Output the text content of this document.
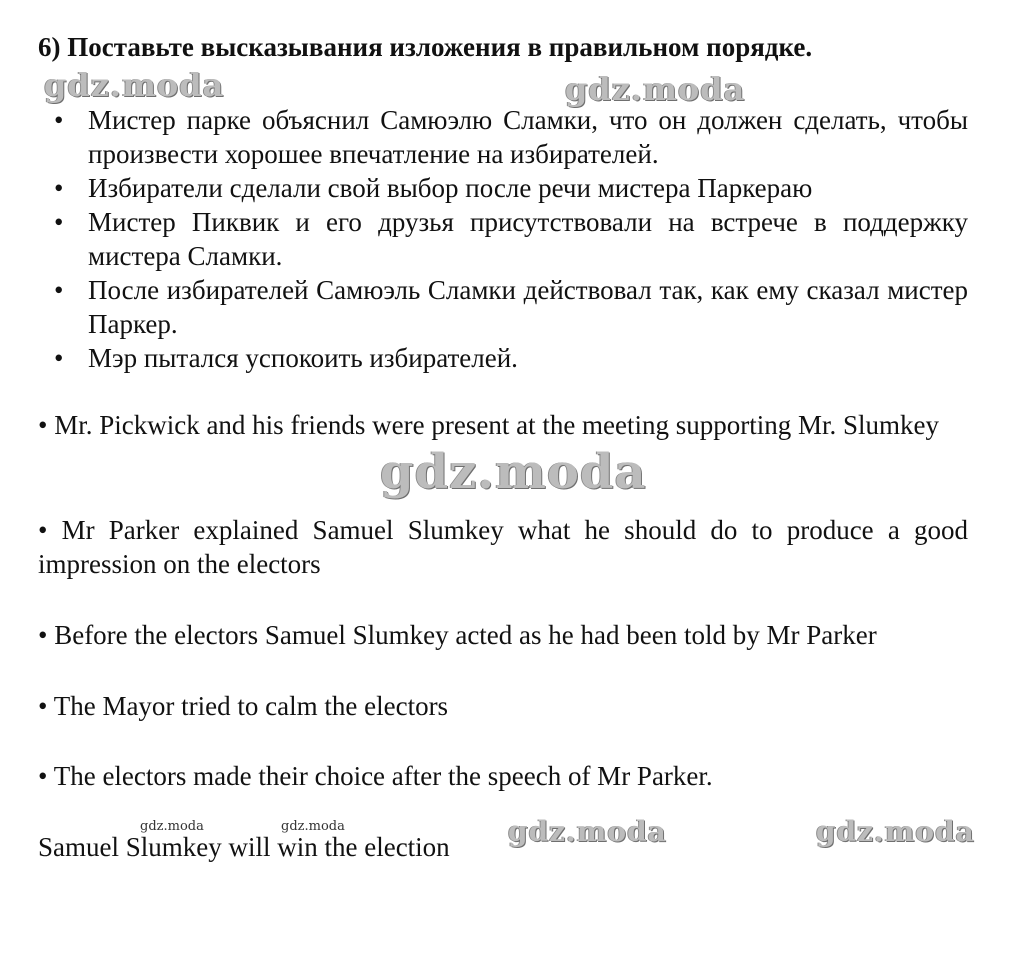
6) Поставьте высказывания изложения в правильном порядке.
• Мистер парке объяснил Самюэлю Сламки, что он должен сделать, чтобы произвести хорошее впечатление на избирателей.
• Избиратели сделали свой выбор после речи мистера Паркераю
• Мистер Пиквик и его друзья присутствовали на встрече в поддержку мистера Сламки.
• После избирателей Самюэль Сламки действовал так, как ему сказал мистер Паркер.
• Мэр пытался успокоить избирателей.
• Mr. Pickwick and his friends were present at the meeting supporting Mr. Slumkey
• Mr Parker explained Samuel Slumkey what he should do to produce a good impression on the electors
• Before the electors Samuel Slumkey acted as he had been told by Mr Parker
• The Mayor tried to calm the electors
• The electors made their choice after the speech of Mr Parker.
Samuel Slumkey will win the election
gdz.moda	gdz.moda
gdz.moda
gdz.moda	gdz.moda	gdz.moda	gdz.moda
